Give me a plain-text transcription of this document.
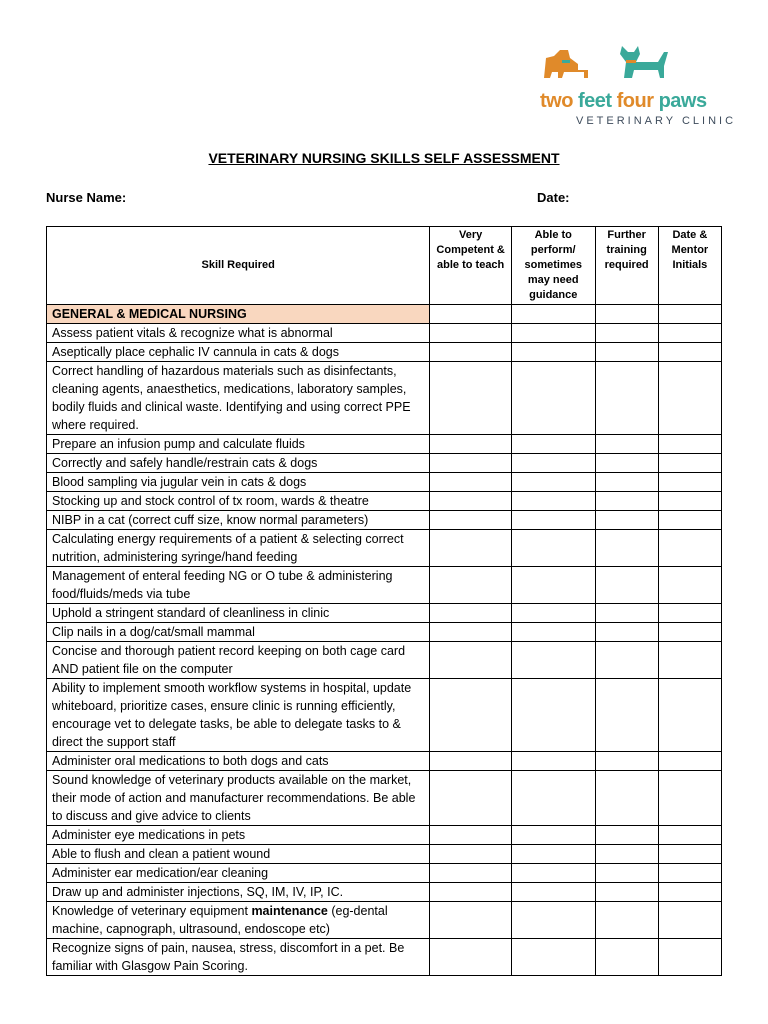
two feet four paws
VETERINARY CLINIC
VETERINARY NURSING SKILLS SELF ASSESSMENT
Nurse Name:	Date:
Skill Required	Very Competent & able to teach	Able to perform/ sometimes may need guidance	Further training required	Date & Mentor Initials
GENERAL & MEDICAL NURSING				
Assess patient vitals & recognize what is abnormal				
Aseptically place cephalic IV cannula in cats & dogs				
Correct handling of hazardous materials such as disinfectants, cleaning agents, anaesthetics, medications, laboratory samples, bodily fluids and clinical waste. Identifying and using correct PPE where required.				
Prepare an infusion pump and calculate fluids				
Correctly and safely handle/restrain cats & dogs				
Blood sampling via jugular vein in cats & dogs				
Stocking up and stock control of tx room, wards & theatre				
NIBP in a cat (correct cuff size, know normal parameters)				
Calculating energy requirements of a patient & selecting correct nutrition, administering syringe/hand feeding				
Management of enteral feeding NG or O tube & administering food/fluids/meds via tube				
Uphold a stringent standard of cleanliness in clinic				
Clip nails in a dog/cat/small mammal				
Concise and thorough patient record keeping on both cage card AND patient file on the computer				
Ability to implement smooth workflow systems in hospital, update whiteboard, prioritize cases, ensure clinic is running efficiently, encourage vet to delegate tasks, be able to delegate tasks to & direct the support staff				
Administer oral medications to both dogs and cats				
Sound knowledge of veterinary products available on the market, their mode of action and manufacturer recommendations. Be able to discuss and give advice to clients				
Administer eye medications in pets				
Able to flush and clean a patient wound				
Administer ear medication/ear cleaning				
Draw up and administer injections, SQ, IM, IV, IP, IC.				
Knowledge of veterinary equipment maintenance (eg-dental machine, capnograph, ultrasound, endoscope etc)				
Recognize signs of pain, nausea, stress, discomfort in a pet. Be familiar with Glasgow Pain Scoring.				
